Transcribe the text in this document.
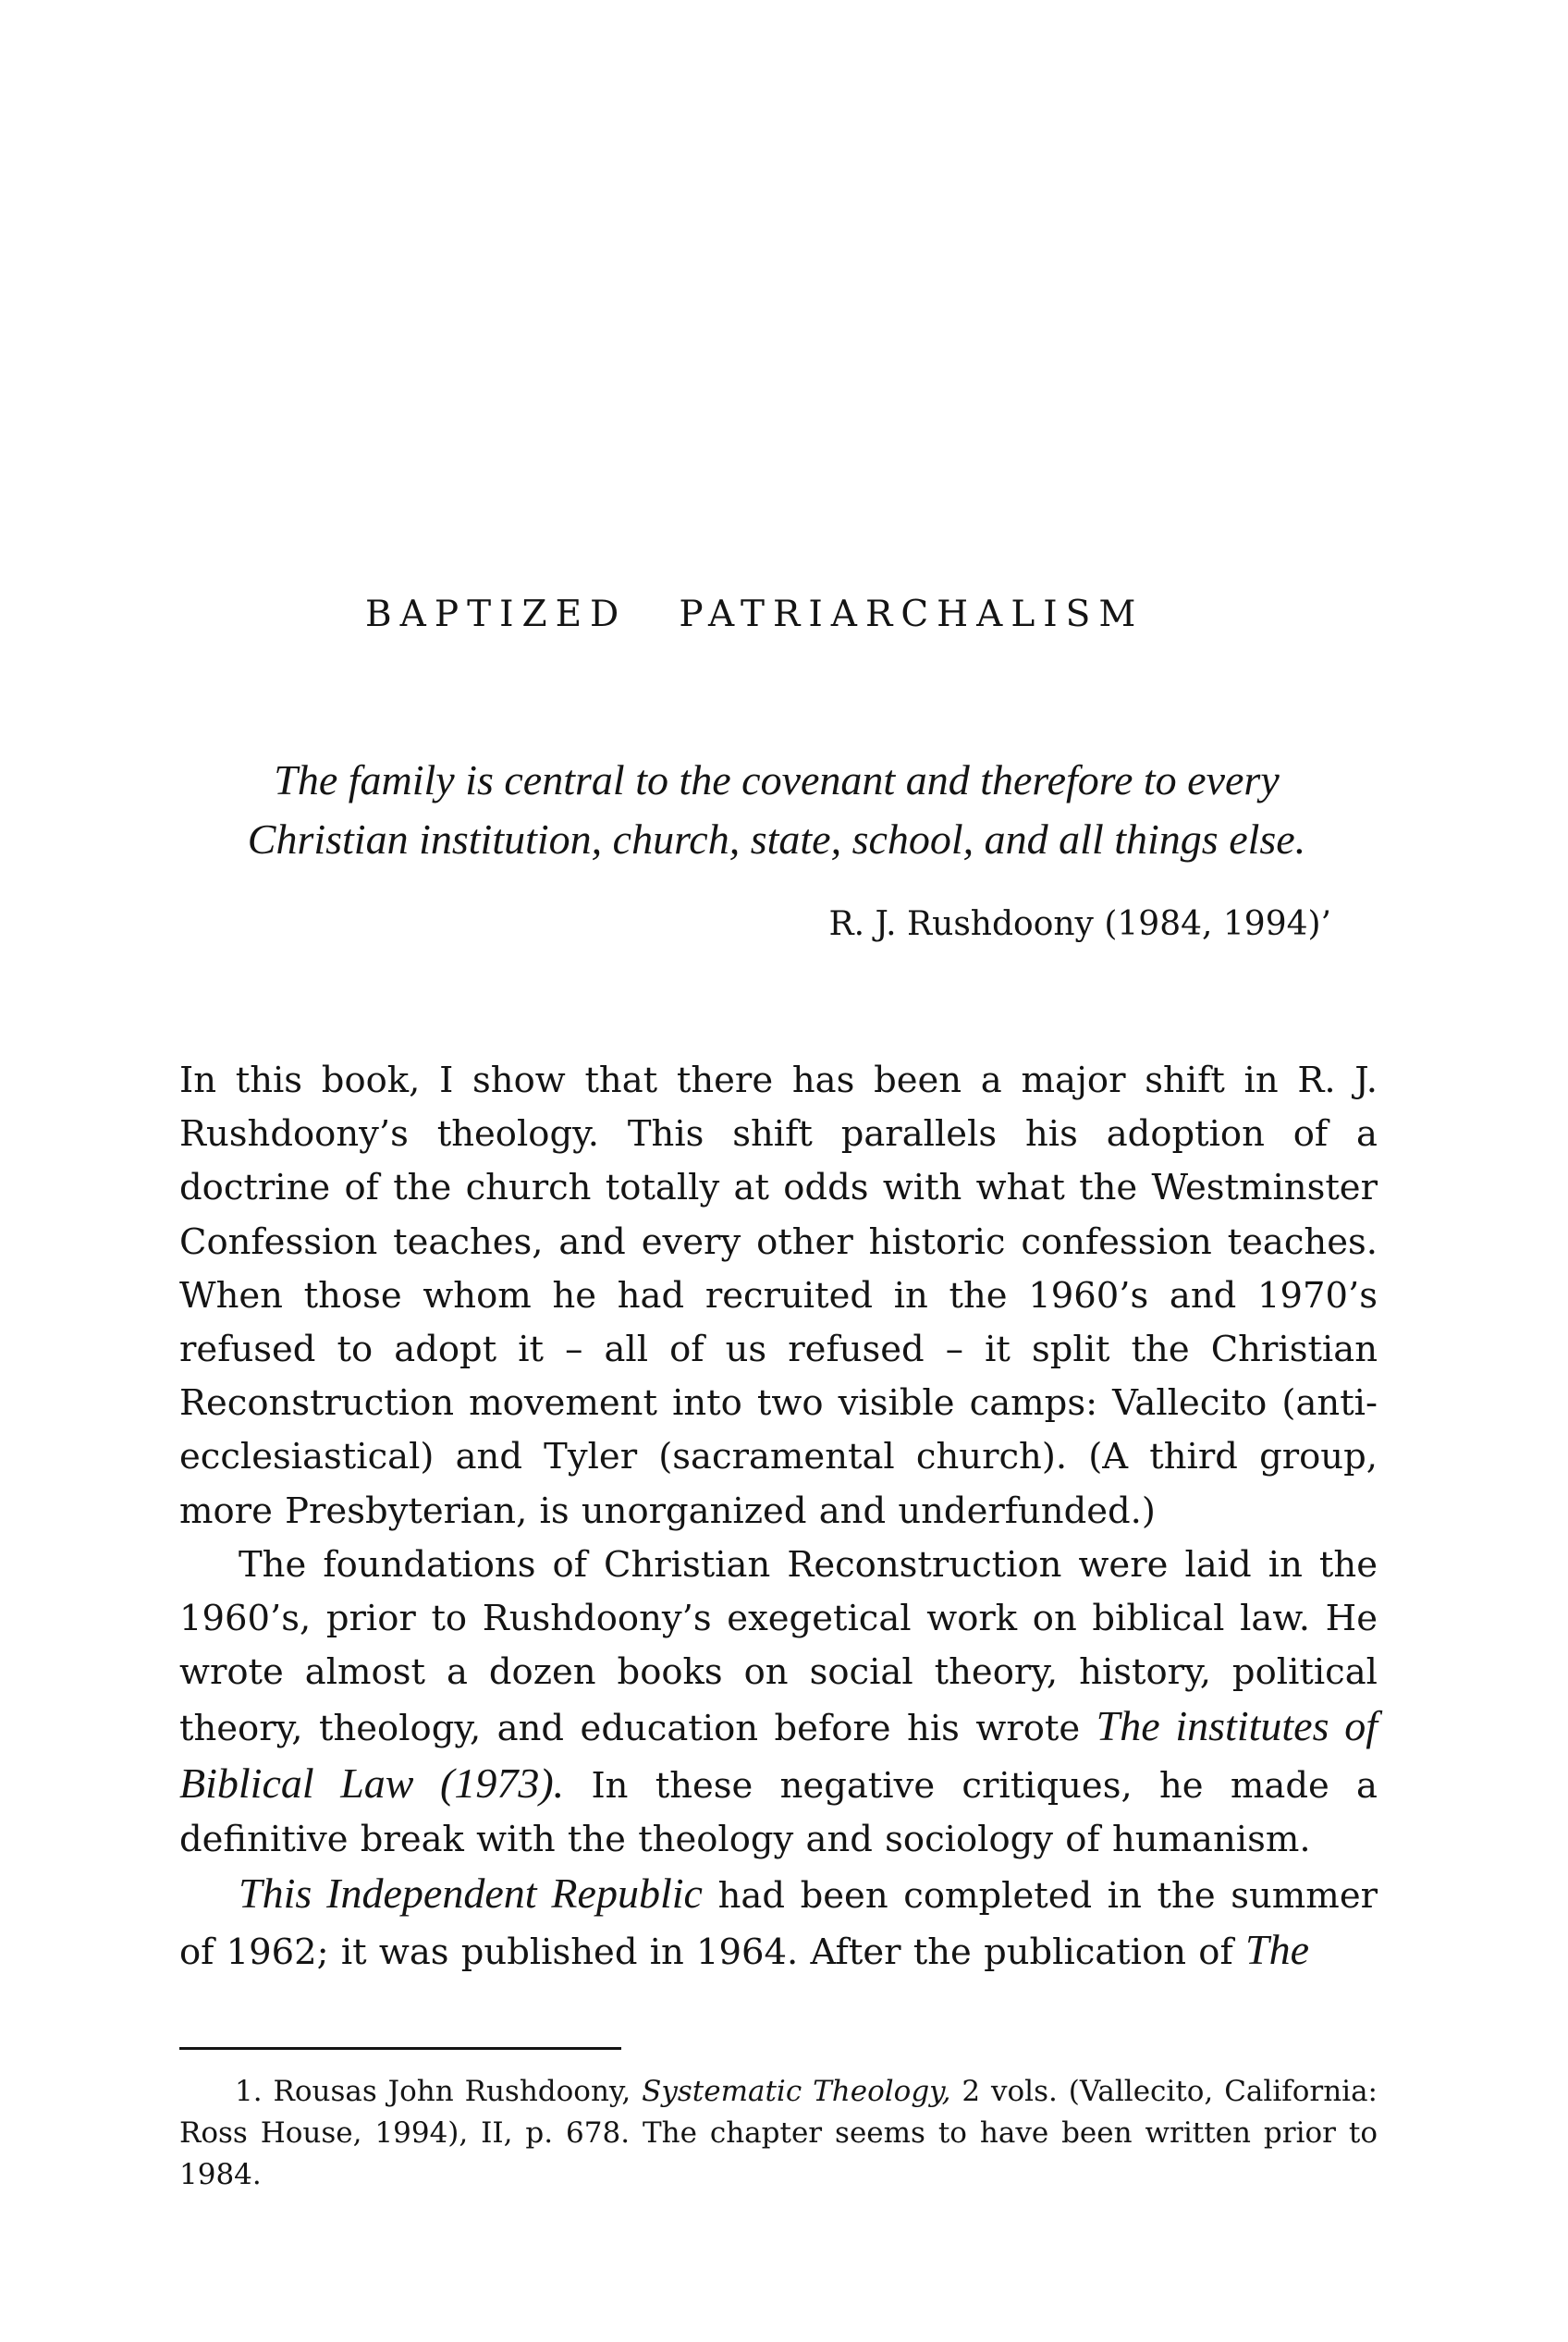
BAPTIZED PATRIARCHALISM
The family is central to the covenant and therefore to every Christian institution, church, state, school, and all things else.
R. J. Rushdoony (1984, 1994)’

In this book, I show that there has been a major shift in R. J. Rushdoony’s theology. This shift parallels his adoption of a doctrine of the church totally at odds with what the Westminster Confession teaches, and every other historic confession teaches. When those whom he had recruited in the 1960’s and 1970’s refused to adopt it – all of us refused – it split the Christian Reconstruction movement into two visible camps: Vallecito (anti-ecclesiastical) and Tyler (sacramental church). (A third group, more Presbyterian, is unorganized and underfunded.)

The foundations of Christian Reconstruction were laid in the 1960’s, prior to Rushdoony’s exegetical work on biblical law. He wrote almost a dozen books on social theory, history, political theory, theology, and education before his wrote The institutes of Biblical Law (1973). In these negative critiques, he made a definitive break with the theology and sociology of humanism.

This Independent Republic had been completed in the summer of 1962; it was published in 1964. After the publication of The

1. Rousas John Rushdoony, Systematic Theology, 2 vols. (Vallecito, California: Ross House, 1994), II, p. 678. The chapter seems to have been written prior to 1984.
